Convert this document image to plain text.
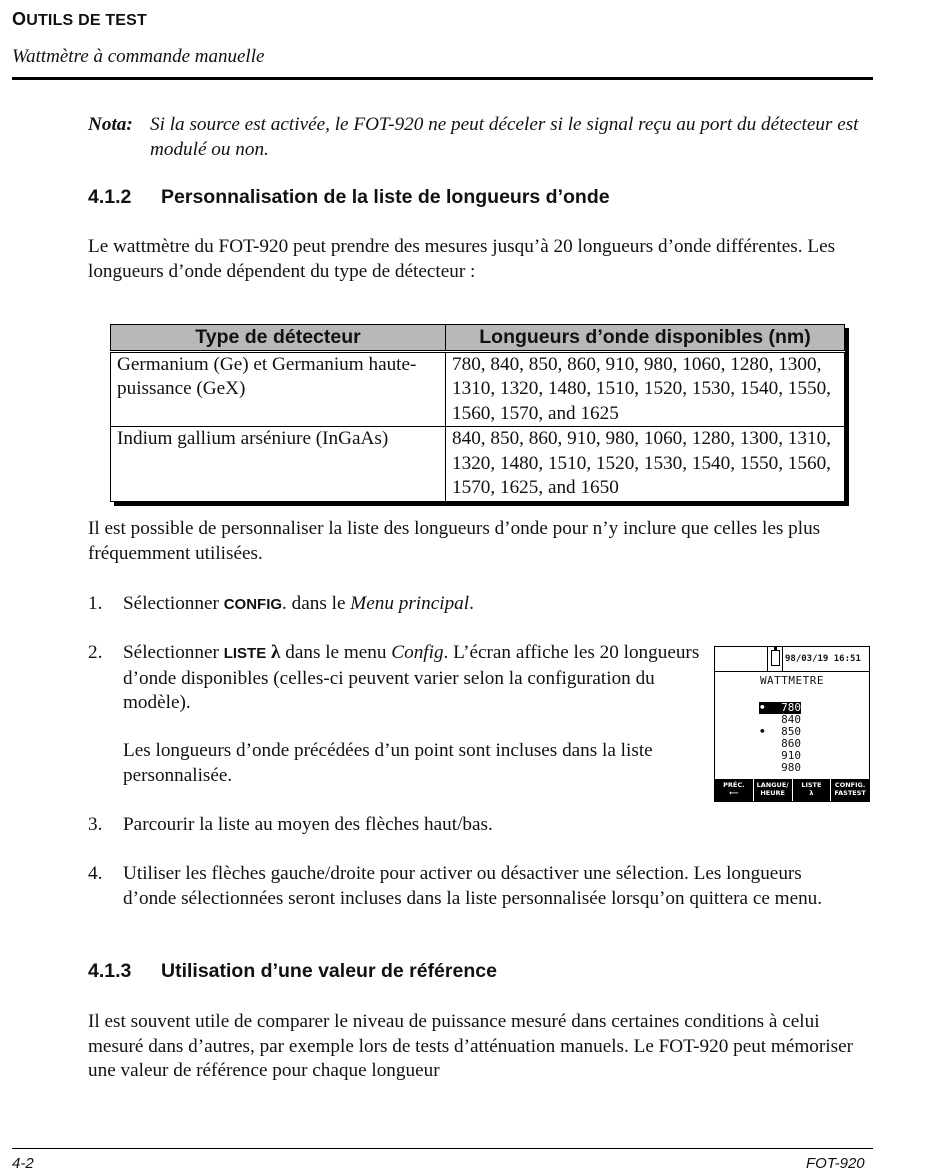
OUTILS DE TEST
Wattmètre à commande manuelle
Nota: Si la source est activée, le FOT-920 ne peut déceler si le signal reçu au port du détecteur est modulé ou non.
4.1.2 Personnalisation de la liste de longueurs d’onde
Le wattmètre du FOT-920 peut prendre des mesures jusqu’à 20 longueurs d’onde différentes. Les longueurs d’onde dépendent du type de détecteur :
Type de détecteur	Longueurs d’onde disponibles (nm)
Germanium (Ge) et Germanium haute-puissance (GeX)	780, 840, 850, 860, 910, 980, 1060, 1280, 1300, 1310, 1320, 1480, 1510, 1520, 1530, 1540, 1550, 1560, 1570, and 1625
Indium gallium arséniure (InGaAs)	840, 850, 860, 910, 980, 1060, 1280, 1300, 1310, 1320, 1480, 1510, 1520, 1530, 1540, 1550, 1560, 1570, 1625, and 1650
Il est possible de personnaliser la liste des longueurs d’onde pour n’y inclure que celles les plus fréquemment utilisées.
1. Sélectionner CONFIG. dans le Menu principal.
2. Sélectionner LISTE λ dans le menu Config. L’écran affiche les 20 longueurs d’onde disponibles (celles-ci peuvent varier selon la configuration du modèle).
Les longueurs d’onde précédées d’un point sont incluses dans la liste personnalisée.
98/03/19 16:51
WATTMETRE
• 780
840
• 850
860
910
980
PRÉC.
⟵
LANGUE/
HEURE
LISTE
λ
CONFIG.
FASTEST
3. Parcourir la liste au moyen des flèches haut/bas.
4. Utiliser les flèches gauche/droite pour activer ou désactiver une sélection. Les longueurs d’onde sélectionnées seront incluses dans la liste personnalisée lorsqu’on quittera ce menu.
4.1.3 Utilisation d’une valeur de référence
Il est souvent utile de comparer le niveau de puissance mesuré dans certaines conditions à celui mesuré dans d’autres, par exemple lors de tests d’atténuation manuels. Le FOT-920 peut mémoriser une valeur de référence pour chaque longueur
4-2	FOT-920
